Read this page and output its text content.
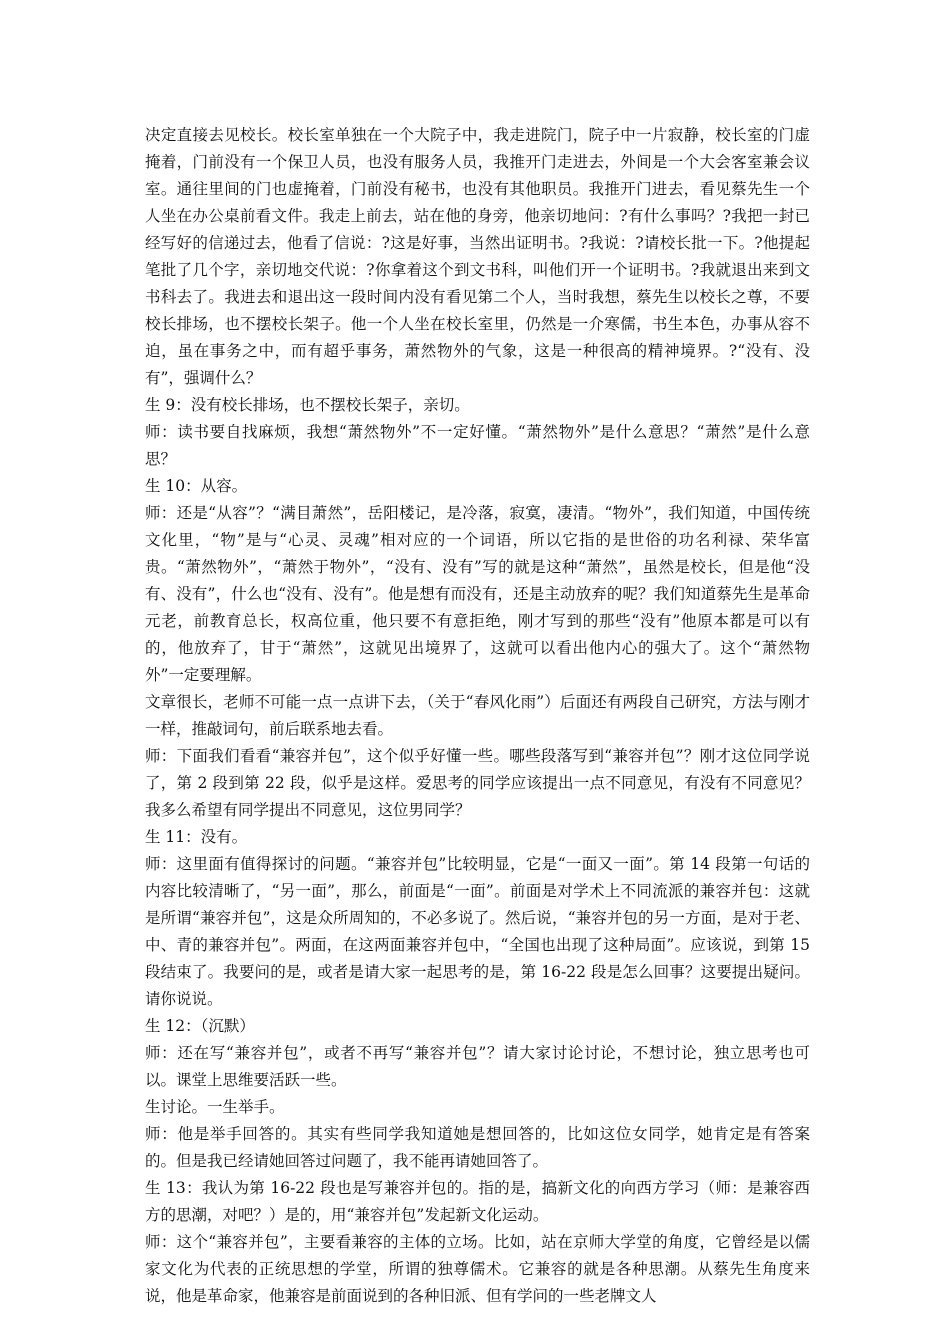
决定直接去见校长。校长室单独在一个大院子中，我走进院门，院子中一片寂静，校长室的门虚掩着，门前没有一个保卫人员，也没有服务人员，我推开门走进去，外间是一个大会客室兼会议室。通往里间的门也虚掩着，门前没有秘书，也没有其他职员。我推开门进去，看见蔡先生一个人坐在办公桌前看文件。我走上前去，站在他的身旁，他亲切地问：?有什么事吗？?我把一封已经写好的信递过去，他看了信说：?这是好事，当然出证明书。?我说：?请校长批一下。?他提起笔批了几个字，亲切地交代说：?你拿着这个到文书科，叫他们开一个证明书。?我就退出来到文书科去了。我进去和退出这一段时间内没有看见第二个人，当时我想，蔡先生以校长之尊，不要校长排场，也不摆校长架子。他一个人坐在校长室里，仍然是一介寒儒，书生本色，办事从容不迫，虽在事务之中，而有超乎事务，萧然物外的气象，这是一种很高的精神境界。?“没有、没有”，强调什么？

生 9：没有校长排场，也不摆校长架子，亲切。

师：读书要自找麻烦，我想“萧然物外”不一定好懂。“萧然物外”是什么意思？“萧然”是什么意思？

生 10：从容。

师：还是“从容”？“满目萧然”，岳阳楼记，是冷落，寂寞，凄清。“物外”，我们知道，中国传统文化里，“物”是与“心灵、灵魂”相对应的一个词语，所以它指的是世俗的功名利禄、荣华富贵。“萧然物外”，“萧然于物外”，“没有、没有”写的就是这种“萧然”，虽然是校长，但是他“没有、没有”，什么也“没有、没有”。他是想有而没有，还是主动放弃的呢？我们知道蔡先生是革命元老，前教育总长，权高位重，他只要不有意拒绝，刚才写到的那些“没有”他原本都是可以有的，他放弃了，甘于“萧然”，这就见出境界了，这就可以看出他内心的强大了。这个“萧然物外”一定要理解。

文章很长，老师不可能一点一点讲下去，（关于“春风化雨”）后面还有两段自己研究，方法与刚才一样，推敲词句，前后联系地去看。

师：下面我们看看“兼容并包”，这个似乎好懂一些。哪些段落写到“兼容并包”？刚才这位同学说了，第 2 段到第 22 段，似乎是这样。爱思考的同学应该提出一点不同意见，有没有不同意见？我多么希望有同学提出不同意见，这位男同学？

生 11：没有。

师：这里面有值得探讨的问题。“兼容并包”比较明显，它是“一面又一面”。第 14 段第一句话的内容比较清晰了，“另一面”，那么，前面是“一面”。前面是对学术上不同流派的兼容并包：这就是所谓“兼容并包”，这是众所周知的，不必多说了。然后说，“兼容并包的另一方面，是对于老、中、青的兼容并包”。两面，在这两面兼容并包中，“全国也出现了这种局面”。应该说，到第 15 段结束了。我要问的是，或者是请大家一起思考的是，第 16-22 段是怎么回事？这要提出疑问。请你说说。

生 12：（沉默）

师：还在写“兼容并包”，或者不再写“兼容并包”？请大家讨论讨论，不想讨论，独立思考也可以。课堂上思维要活跃一些。

生讨论。一生举手。

师：他是举手回答的。其实有些同学我知道她是想回答的，比如这位女同学，她肯定是有答案的。但是我已经请她回答过问题了，我不能再请她回答了。

生 13：我认为第 16-22 段也是写兼容并包的。指的是，搞新文化的向西方学习（师：是兼容西方的思潮，对吧？）是的，用“兼容并包”发起新文化运动。

师：这个“兼容并包”，主要看兼容的主体的立场。比如，站在京师大学堂的角度，它曾经是以儒家文化为代表的正统思想的学堂，所谓的独尊儒术。它兼容的就是各种思潮。从蔡先生角度来说，他是革命家，他兼容是前面说到的各种旧派、但有学问的一些老牌文人
